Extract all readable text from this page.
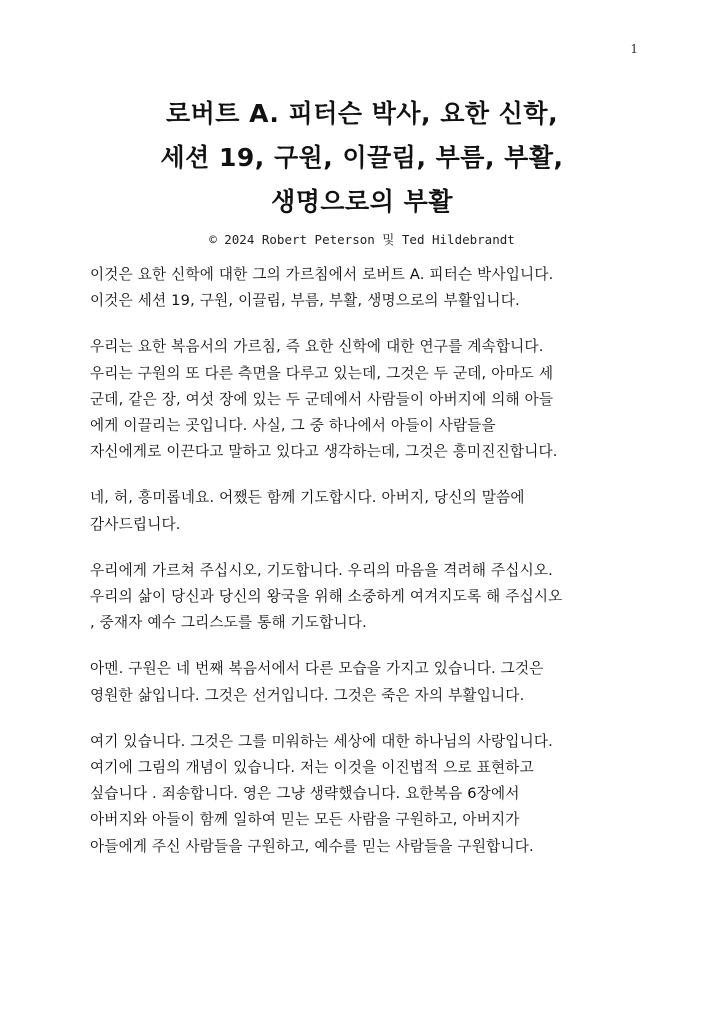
1
로버트 A. 피터슨 박사, 요한 신학,
세션 19, 구원, 이끌림, 부름, 부활,
생명으로의 부활
© 2024 Robert Peterson 및 Ted Hildebrandt
이것은 요한 신학에 대한 그의 가르침에서 로버트 A. 피터슨 박사입니다.
이것은 세션 19, 구원, 이끌림, 부름, 부활, 생명으로의 부활입니다.
우리는 요한 복음서의 가르침, 즉 요한 신학에 대한 연구를 계속합니다.
우리는 구원의 또 다른 측면을 다루고 있는데, 그것은 두 군데, 아마도 세
군데, 같은 장, 여섯 장에 있는 두 군데에서 사람들이 아버지에 의해 아들
에게 이끌리는 곳입니다. 사실, 그 중 하나에서 아들이 사람들을
자신에게로 이끈다고 말하고 있다고 생각하는데, 그것은 흥미진진합니다.
네, 허, 흥미롭네요. 어쨌든 함께 기도합시다. 아버지, 당신의 말씀에
감사드립니다.
우리에게 가르쳐 주십시오, 기도합니다. 우리의 마음을 격려해 주십시오.
우리의 삶이 당신과 당신의 왕국을 위해 소중하게 여겨지도록 해 주십시오
, 중재자 예수 그리스도를 통해 기도합니다.
아멘. 구원은 네 번째 복음서에서 다른 모습을 가지고 있습니다. 그것은
영원한 삶입니다. 그것은 선거입니다. 그것은 죽은 자의 부활입니다.
여기 있습니다. 그것은 그를 미워하는 세상에 대한 하나님의 사랑입니다.
여기에 그림의 개념이 있습니다. 저는 이것을 이진법적 으로 표현하고
싶습니다 . 죄송합니다. 영은 그냥 생략했습니다. 요한복음 6장에서
아버지와 아들이 함께 일하여 믿는 모든 사람을 구원하고, 아버지가
아들에게 주신 사람들을 구원하고, 예수를 믿는 사람들을 구원합니다.
